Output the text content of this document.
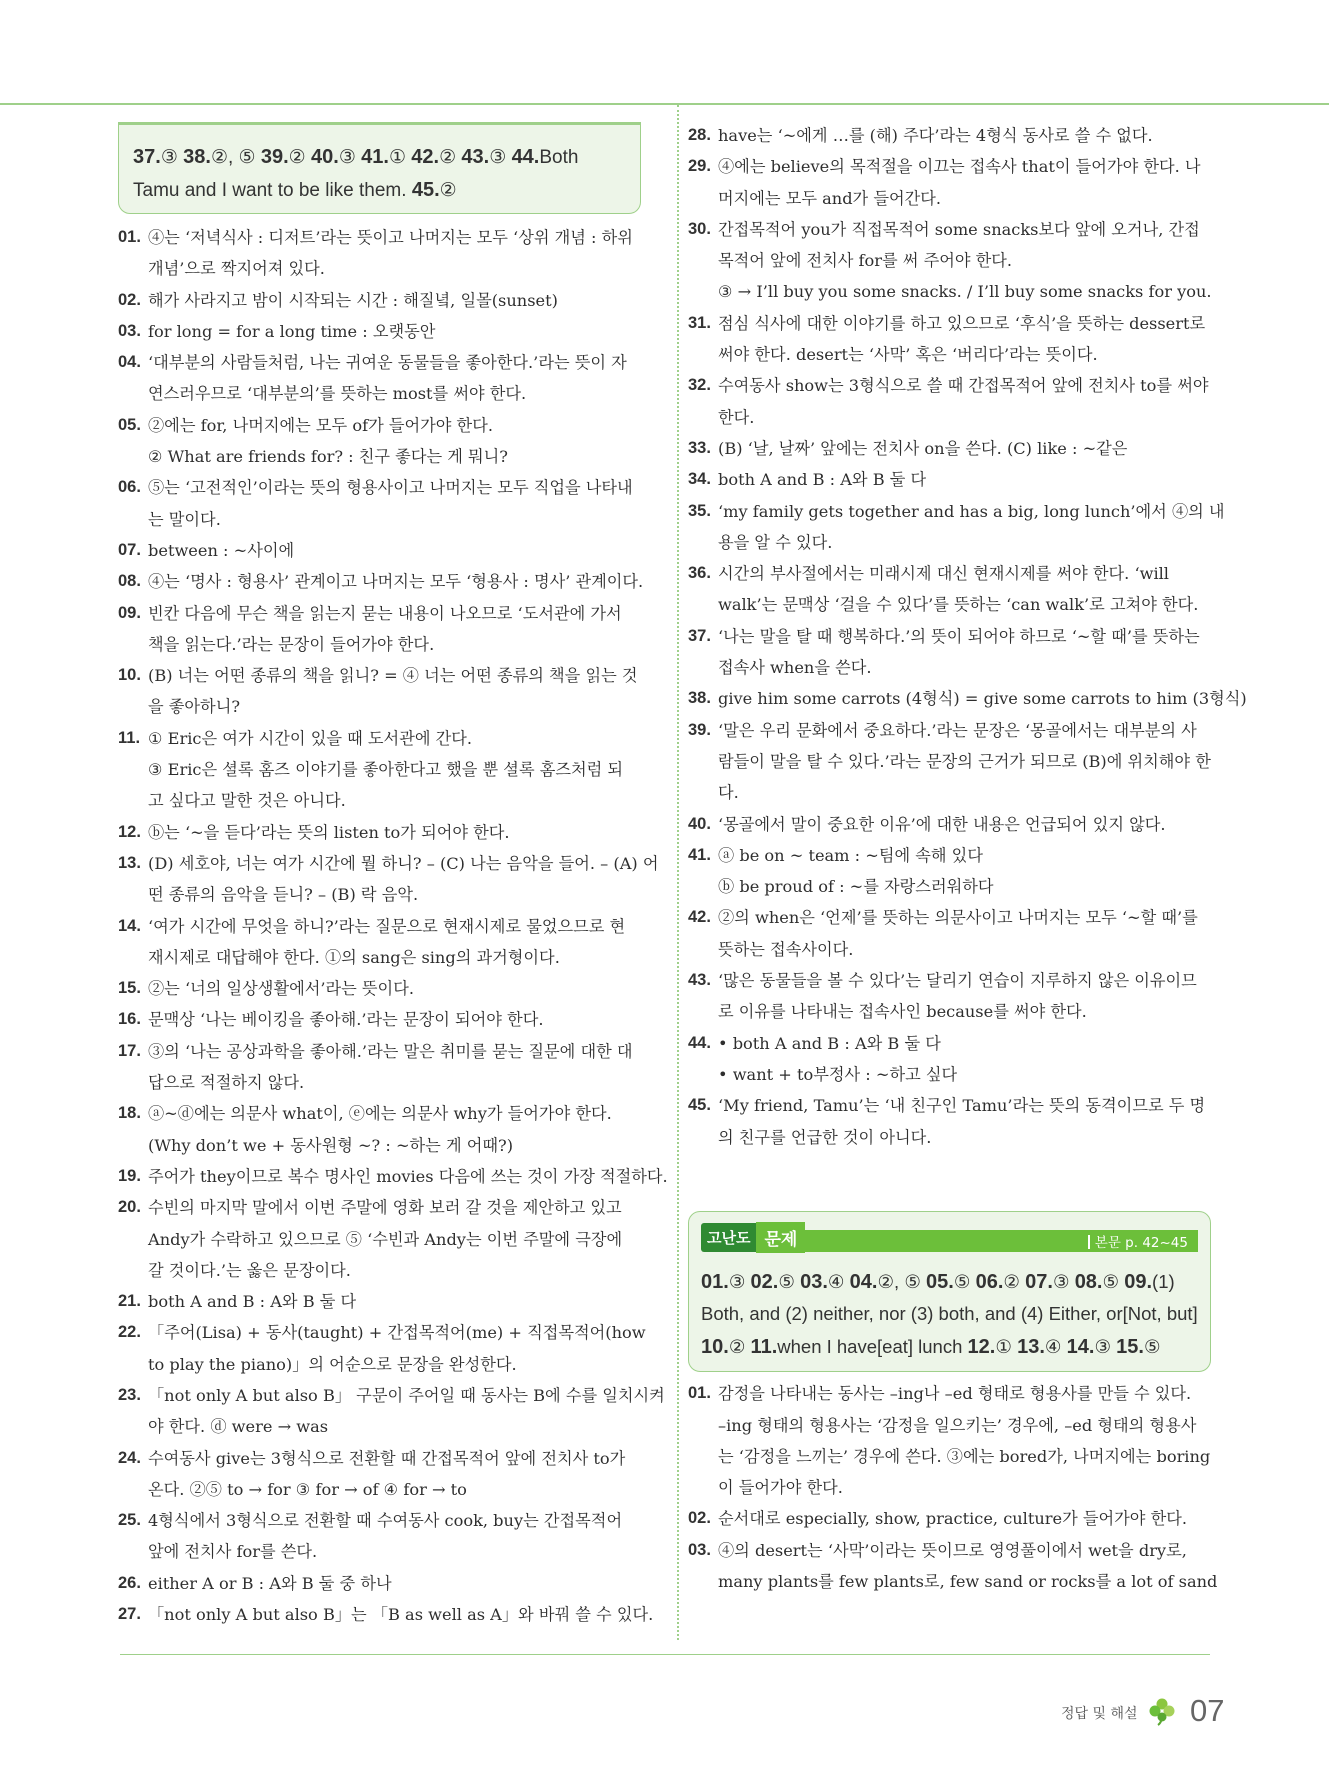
37.③ 38.②, ⑤ 39.② 40.③ 41.① 42.② 43.③ 44.Both Tamu and I want to be like them. 45.②
01. ④는 ‘저녁식사 : 디저트’라는 뜻이고 나머지는 모두 ‘상위 개념 : 하위
개념’으로 짝지어져 있다.
02. 해가 사라지고 밤이 시작되는 시간 : 해질녘, 일몰(sunset)
03. for long = for a long time : 오랫동안
04. ‘대부분의 사람들처럼, 나는 귀여운 동물들을 좋아한다.’라는 뜻이 자
연스러우므로 ‘대부분의’를 뜻하는 most를 써야 한다.
05. ②에는 for, 나머지에는 모두 of가 들어가야 한다.
② What are friends for? : 친구 좋다는 게 뭐니?
06. ⑤는 ‘고전적인’이라는 뜻의 형용사이고 나머지는 모두 직업을 나타내
는 말이다.
07. between : ~사이에
08. ④는 ‘명사 : 형용사’ 관계이고 나머지는 모두 ‘형용사 : 명사’ 관계이다.
09. 빈칸 다음에 무슨 책을 읽는지 묻는 내용이 나오므로 ‘도서관에 가서
책을 읽는다.’라는 문장이 들어가야 한다.
10. (B) 너는 어떤 종류의 책을 읽니? = ④ 너는 어떤 종류의 책을 읽는 것
을 좋아하니?
11. ① Eric은 여가 시간이 있을 때 도서관에 간다.
③ Eric은 셜록 홈즈 이야기를 좋아한다고 했을 뿐 셜록 홈즈처럼 되
고 싶다고 말한 것은 아니다.
12. ⓑ는 ‘~을 듣다’라는 뜻의 listen to가 되어야 한다.
13. (D) 세호야, 너는 여가 시간에 뭘 하니? – (C) 나는 음악을 들어. – (A) 어
떤 종류의 음악을 듣니? – (B) 락 음악.
14. ‘여가 시간에 무엇을 하니?’라는 질문으로 현재시제로 물었으므로 현
재시제로 대답해야 한다. ①의 sang은 sing의 과거형이다.
15. ②는 ‘너의 일상생활에서’라는 뜻이다.
16. 문맥상 ‘나는 베이킹을 좋아해.’라는 문장이 되어야 한다.
17. ③의 ‘나는 공상과학을 좋아해.’라는 말은 취미를 묻는 질문에 대한 대
답으로 적절하지 않다.
18. ⓐ~ⓓ에는 의문사 what이, ⓔ에는 의문사 why가 들어가야 한다.
(Why don’t we + 동사원형 ~? : ~하는 게 어때?)
19. 주어가 they이므로 복수 명사인 movies 다음에 쓰는 것이 가장 적절하다.
20. 수빈의 마지막 말에서 이번 주말에 영화 보러 갈 것을 제안하고 있고
Andy가 수락하고 있으므로 ⑤ ‘수빈과 Andy는 이번 주말에 극장에
갈 것이다.’는 옳은 문장이다.
21. both A and B : A와 B 둘 다
22. 「주어(Lisa) + 동사(taught) + 간접목적어(me) + 직접목적어(how
to play the piano)」의 어순으로 문장을 완성한다.
23. 「not only A but also B」 구문이 주어일 때 동사는 B에 수를 일치시켜
야 한다. ⓓ were → was
24. 수여동사 give는 3형식으로 전환할 때 간접목적어 앞에 전치사 to가
온다. ②⑤ to → for ③ for → of ④ for → to
25. 4형식에서 3형식으로 전환할 때 수여동사 cook, buy는 간접목적어
앞에 전치사 for를 쓴다.
26. either A or B : A와 B 둘 중 하나
27. 「not only A but also B」는 「B as well as A」와 바꿔 쓸 수 있다.
28. have는 ‘~에게 …를 (해) 주다’라는 4형식 동사로 쓸 수 없다.
29. ④에는 believe의 목적절을 이끄는 접속사 that이 들어가야 한다. 나
머지에는 모두 and가 들어간다.
30. 간접목적어 you가 직접목적어 some snacks보다 앞에 오거나, 간접
목적어 앞에 전치사 for를 써 주어야 한다.
③ → I’ll buy you some snacks. / I’ll buy some snacks for you.
31. 점심 식사에 대한 이야기를 하고 있으므로 ‘후식’을 뜻하는 dessert로
써야 한다. desert는 ‘사막’ 혹은 ‘버리다’라는 뜻이다.
32. 수여동사 show는 3형식으로 쓸 때 간접목적어 앞에 전치사 to를 써야
한다.
33. (B) ‘날, 날짜’ 앞에는 전치사 on을 쓴다. (C) like : ~같은
34. both A and B : A와 B 둘 다
35. ‘my family gets together and has a big, long lunch’에서 ④의 내
용을 알 수 있다.
36. 시간의 부사절에서는 미래시제 대신 현재시제를 써야 한다. ‘will
walk’는 문맥상 ‘걸을 수 있다’를 뜻하는 ‘can walk’로 고쳐야 한다.
37. ‘나는 말을 탈 때 행복하다.’의 뜻이 되어야 하므로 ‘~할 때’를 뜻하는
접속사 when을 쓴다.
38. give him some carrots (4형식) = give some carrots to him (3형식)
39. ‘말은 우리 문화에서 중요하다.’라는 문장은 ‘몽골에서는 대부분의 사
람들이 말을 탈 수 있다.’라는 문장의 근거가 되므로 (B)에 위치해야 한
다.
40. ‘몽골에서 말이 중요한 이유’에 대한 내용은 언급되어 있지 않다.
41. ⓐ be on ~ team : ~팀에 속해 있다
ⓑ be proud of : ~를 자랑스러워하다
42. ②의 when은 ‘언제’를 뜻하는 의문사이고 나머지는 모두 ‘~할 때’를
뜻하는 접속사이다.
43. ‘많은 동물들을 볼 수 있다’는 달리기 연습이 지루하지 않은 이유이므
로 이유를 나타내는 접속사인 because를 써야 한다.
44. • both A and B : A와 B 둘 다
• want + to부정사 : ~하고 싶다
45. ‘My friend, Tamu’는 ‘내 친구인 Tamu’라는 뜻의 동격이므로 두 명
의 친구를 언급한 것이 아니다.
고난도 문제	본문 p. 42~45
01.③ 02.⑤ 03.④ 04.②, ⑤ 05.⑤ 06.② 07.③ 08.⑤ 09.(1) Both, and (2) neither, nor (3) both, and (4) Either, or[Not, but] 10.② 11.when I have[eat] lunch 12.① 13.④ 14.③ 15.⑤
01. 감정을 나타내는 동사는 –ing나 –ed 형태로 형용사를 만들 수 있다.
–ing 형태의 형용사는 ‘감정을 일으키는’ 경우에, –ed 형태의 형용사
는 ‘감정을 느끼는’ 경우에 쓴다. ③에는 bored가, 나머지에는 boring
이 들어가야 한다.
02. 순서대로 especially, show, practice, culture가 들어가야 한다.
03. ④의 desert는 ‘사막’이라는 뜻이므로 영영풀이에서 wet을 dry로,
many plants를 few plants로, few sand or rocks를 a lot of sand
정답 및 해설 07
